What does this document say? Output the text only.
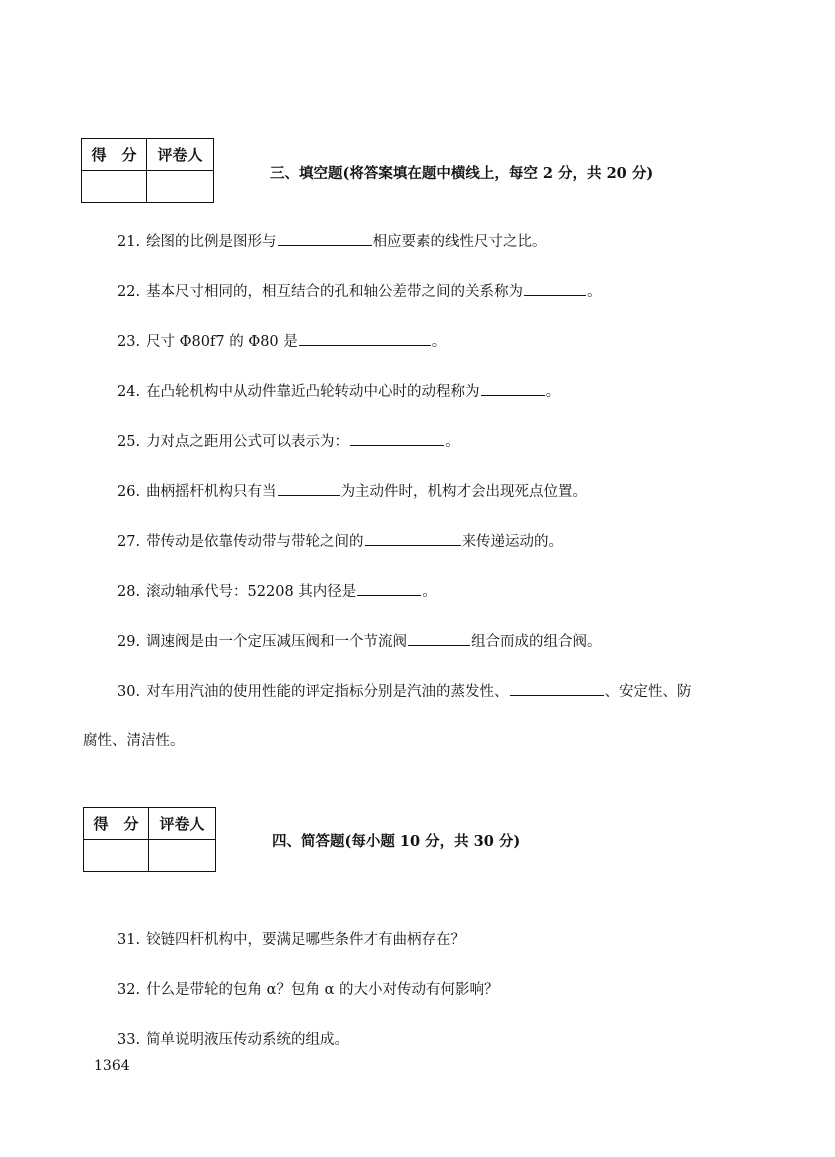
得　分	评卷人

三、填空题(将答案填在题中横线上，每空 2 分，共 20 分)
21. 绘图的比例是图形与	相应要素的线性尺寸之比。
22. 基本尺寸相同的，相互结合的孔和轴公差带之间的关系称为	。
23. 尺寸 Φ80f7 的 Φ80 是	。
24. 在凸轮机构中从动件靠近凸轮转动中心时的动程称为	。
25. 力对点之距用公式可以表示为：	。
26. 曲柄摇杆机构只有当	为主动件时，机构才会出现死点位置。
27. 带传动是依靠传动带与带轮之间的	来传递运动的。
28. 滚动轴承代号：52208 其内径是	。
29. 调速阀是由一个定压减压阀和一个节流阀	组合而成的组合阀。
30. 对车用汽油的使用性能的评定指标分别是汽油的蒸发性、	、安定性、防
腐性、清洁性。
得　分	评卷人

四、简答题(每小题 10 分，共 30 分)
31. 铰链四杆机构中，要满足哪些条件才有曲柄存在？
32. 什么是带轮的包角 α？包角 α 的大小对传动有何影响？
33. 简单说明液压传动系统的组成。
1364
